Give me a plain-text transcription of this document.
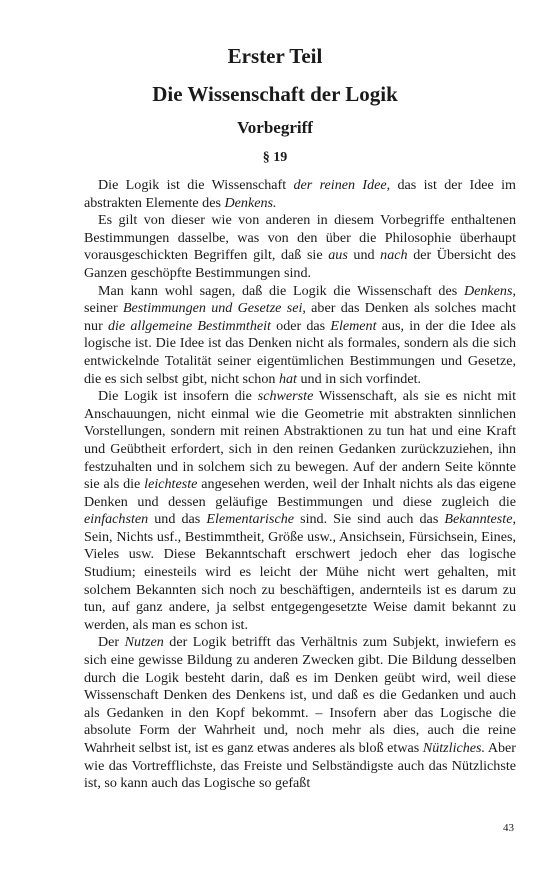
Erster Teil
Die Wissenschaft der Logik
Vorbegriff
§ 19

Die Logik ist die Wissenschaft der reinen Idee, das ist der Idee im abstrakten Elemente des Denkens.

Es gilt von dieser wie von anderen in diesem Vorbegriffe enthaltenen Bestimmungen dasselbe, was von den über die Philosophie überhaupt vorausgeschickten Begriffen gilt, daß sie aus und nach der Übersicht des Ganzen geschöpfte Bestimmungen sind.

Man kann wohl sagen, daß die Logik die Wissenschaft des Denkens, seiner Bestimmungen und Gesetze sei, aber das Denken als solches macht nur die allgemeine Bestimmtheit oder das Element aus, in der die Idee als logische ist. Die Idee ist das Denken nicht als formales, sondern als die sich entwickelnde Totalität seiner eigentümlichen Bestimmungen und Gesetze, die es sich selbst gibt, nicht schon hat und in sich vorfindet.

Die Logik ist insofern die schwerste Wissenschaft, als sie es nicht mit Anschauungen, nicht einmal wie die Geometrie mit abstrakten sinnlichen Vorstellungen, sondern mit reinen Abstraktionen zu tun hat und eine Kraft und Geübtheit erfordert, sich in den reinen Gedanken zurückzuziehen, ihn festzuhalten und in solchem sich zu bewegen. Auf der andern Seite könnte sie als die leichteste angesehen werden, weil der Inhalt nichts als das eigene Denken und dessen geläufige Bestimmungen und diese zugleich die einfachsten und das Elementarische sind. Sie sind auch das Bekannteste, Sein, Nichts usf., Bestimmtheit, Größe usw., Ansichsein, Fürsichsein, Eines, Vieles usw. Diese Bekanntschaft erschwert jedoch eher das logische Studium; einesteils wird es leicht der Mühe nicht wert gehalten, mit solchem Bekannten sich noch zu beschäftigen, andernteils ist es darum zu tun, auf ganz andere, ja selbst entgegengesetzte Weise damit bekannt zu werden, als man es schon ist.

Der Nutzen der Logik betrifft das Verhältnis zum Subjekt, inwiefern es sich eine gewisse Bildung zu anderen Zwecken gibt. Die Bildung desselben durch die Logik besteht darin, daß es im Denken geübt wird, weil diese Wissenschaft Denken des Denkens ist, und daß es die Gedanken und auch als Gedanken in den Kopf bekommt. – Insofern aber das Logische die absolute Form der Wahrheit und, noch mehr als dies, auch die reine Wahrheit selbst ist, ist es ganz etwas anderes als bloß etwas Nützliches. Aber wie das Vortrefflichste, das Freiste und Selbständigste auch das Nützlichste ist, so kann auch das Logische so gefaßt

43
